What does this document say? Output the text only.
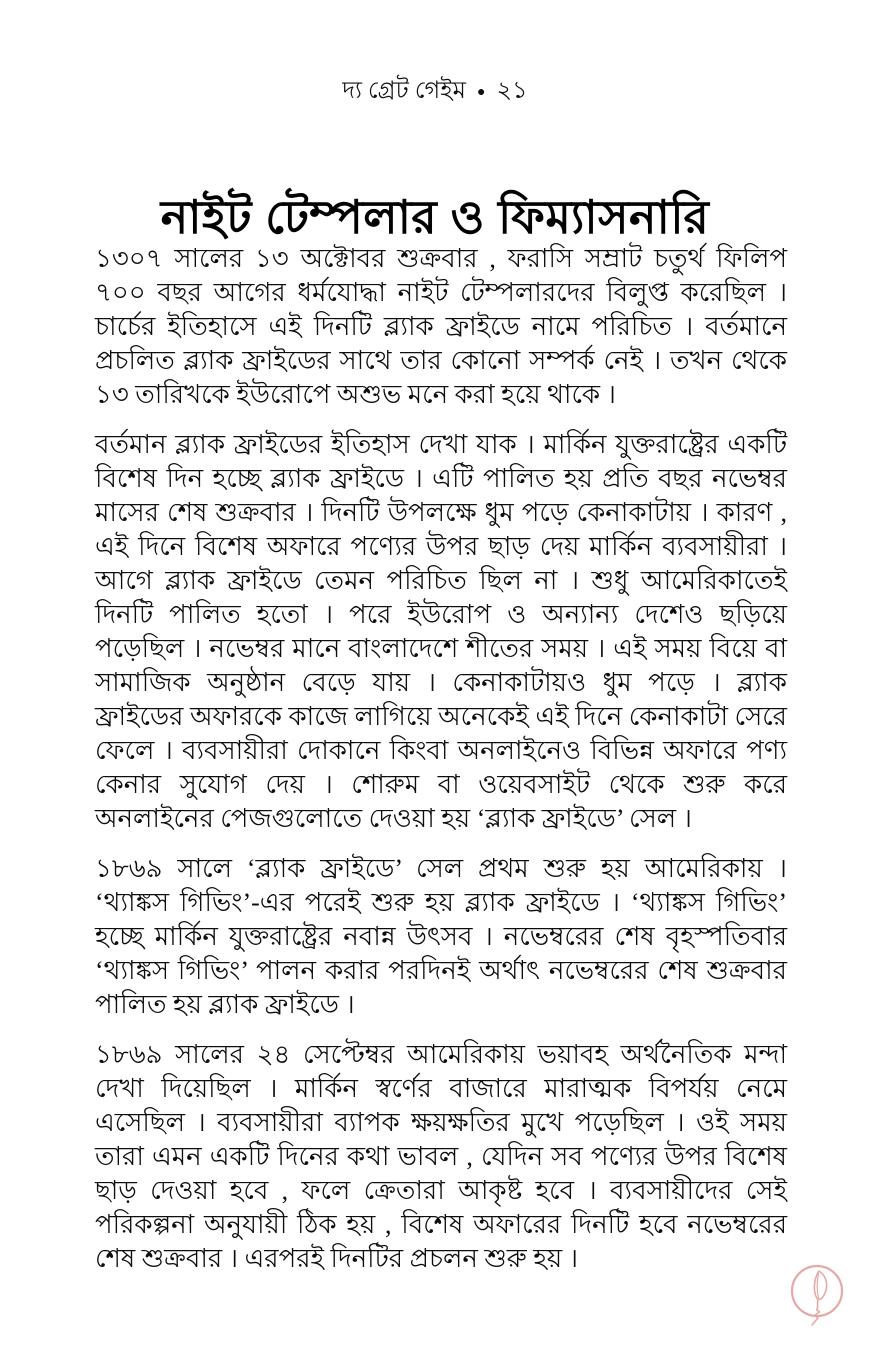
দ্য গ্রেট গেইম ● ২১
নাইট টেম্পলার ও ফিম্যাসনারি

১৩০৭ সালের ১৩ অক্টোবর শুক্রবার , ফরাসি সম্রাট চতুর্থ ফিলিপ ৭০০ বছর আগের ধর্মযোদ্ধা নাইট টেম্পলারদের বিলুপ্ত করেছিল । চার্চের ইতিহাসে এই দিনটি ব্ল্যাক ফ্রাইডে নামে পরিচিত । বর্তমানে প্রচলিত ব্ল্যাক ফ্রাইডের সাথে তার কোনো সম্পর্ক নেই । তখন থেকে ১৩ তারিখকে ইউরোপে অশুভ মনে করা হয়ে থাকে ।

বর্তমান ব্ল্যাক ফ্রাইডের ইতিহাস দেখা যাক । মার্কিন যুক্তরাষ্ট্রের একটি বিশেষ দিন হচ্ছে ব্ল্যাক ফ্রাইডে । এটি পালিত হয় প্রতি বছর নভেম্বর মাসের শেষ শুক্রবার । দিনটি উপলক্ষে ধুম পড়ে কেনাকাটায় । কারণ , এই দিনে বিশেষ অফারে পণ্যের উপর ছাড় দেয় মার্কিন ব্যবসায়ীরা । আগে ব্ল্যাক ফ্রাইডে তেমন পরিচিত ছিল না । শুধু আমেরিকাতেই দিনটি পালিত হতো । পরে ইউরোপ ও অন্যান্য দেশেও ছড়িয়ে পড়েছিল । নভেম্বর মানে বাংলাদেশে শীতের সময় । এই সময় বিয়ে বা সামাজিক অনুষ্ঠান বেড়ে যায় । কেনাকাটায়ও ধুম পড়ে । ব্ল্যাক ফ্রাইডের অফারকে কাজে লাগিয়ে অনেকেই এই দিনে কেনাকাটা সেরে ফেলে । ব্যবসায়ীরা দোকানে কিংবা অনলাইনেও বিভিন্ন অফারে পণ্য কেনার সুযোগ দেয় । শোরুম বা ওয়েবসাইট থেকে শুরু করে অনলাইনের পেজগুলোতে দেওয়া হয় ‘ব্ল্যাক ফ্রাইডে’ সেল ।

১৮৬৯ সালে ‘ব্ল্যাক ফ্রাইডে’ সেল প্রথম শুরু হয় আমেরিকায় । ‘থ্যাঙ্কস গিভিং’-এর পরেই শুরু হয় ব্ল্যাক ফ্রাইডে । ‘থ্যাঙ্কস গিভিং’ হচ্ছে মার্কিন যুক্তরাষ্ট্রের নবান্ন উৎসব । নভেম্বরের শেষ বৃহস্পতিবার ‘থ্যাঙ্কস গিভিং’ পালন করার পরদিনই অর্থাৎ নভেম্বরের শেষ শুক্রবার পালিত হয় ব্ল্যাক ফ্রাইডে ।

১৮৬৯ সালের ২৪ সেপ্টেম্বর আমেরিকায় ভয়াবহ অর্থনৈতিক মন্দা দেখা দিয়েছিল । মার্কিন স্বর্ণের বাজারে মারাত্মক বিপর্যয় নেমে এসেছিল । ব্যবসায়ীরা ব্যাপক ক্ষয়ক্ষতির মুখে পড়েছিল । ওই সময় তারা এমন একটি দিনের কথা ভাবল , যেদিন সব পণ্যের উপর বিশেষ ছাড় দেওয়া হবে , ফলে ক্রেতারা আকৃষ্ট হবে । ব্যবসায়ীদের সেই পরিকল্পনা অনুযায়ী ঠিক হয় , বিশেষ অফারের দিনটি হবে নভেম্বরের শেষ শুক্রবার । এরপরই দিনটির প্রচলন শুরু হয় ।
